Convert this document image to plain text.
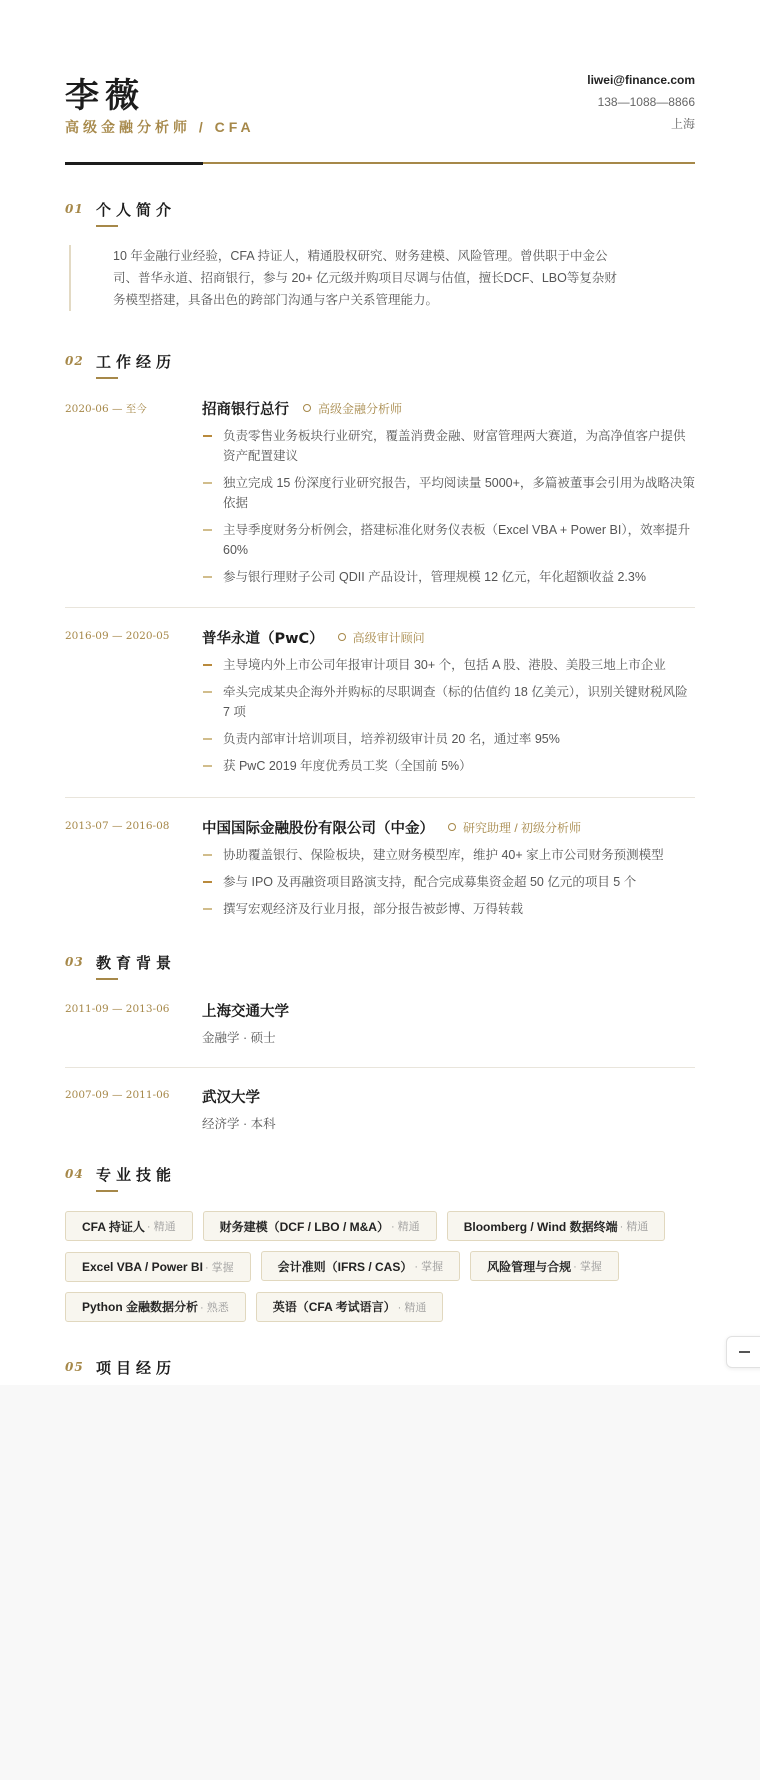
李薇
高级金融分析师 / CFA
liwei@finance.com
138—1088—8866
上海
01 个人简介
10 年金融行业经验，CFA 持证人，精通股权研究、财务建模、风险管理。曾供职于中金公司、普华永道、招商银行，参与 20+ 亿元级并购项目尽调与估值，擅长DCF、LBO等复杂财务模型搭建，具备出色的跨部门沟通与客户关系管理能力。
02 工作经历
2020-06 — 至今	招商银行总行 高级金融分析师
负责零售业务板块行业研究，覆盖消费金融、财富管理两大赛道，为高净值客户提供资产配置建议
独立完成 15 份深度行业研究报告，平均阅读量 5000+，多篇被董事会引用为战略决策依据
主导季度财务分析例会，搭建标准化财务仪表板（Excel VBA + Power BI），效率提升 60%
参与银行理财子公司 QDII 产品设计，管理规模 12 亿元，年化超额收益 2.3%
2016-09 — 2020-05 普华永道（PwC） 高级审计顾问
主导境内外上市公司年报审计项目 30+ 个，包括 A 股、港股、美股三地上市企业
牵头完成某央企海外并购标的尽职调查（标的估值约 18 亿美元），识别关键财税风险 7 项
负责内部审计培训项目，培养初级审计员 20 名，通过率 95%
获 PwC 2019 年度优秀员工奖（全国前 5%）
2013-07 — 2016-08 中国国际金融股份有限公司（中金） 研究助理 / 初级分析师
协助覆盖银行、保险板块，建立财务模型库，维护 40+ 家上市公司财务预测模型
参与 IPO 及再融资项目路演支持，配合完成募集资金超 50 亿元的项目 5 个
撰写宏观经济及行业月报，部分报告被彭博、万得转载
03 教育背景
2011-09 — 2013-06 上海交通大学
金融学 · 硕士
2007-09 — 2011-06 武汉大学
经济学 · 本科
04 专业技能
CFA 持证人 · 精通	财务建模（DCF / LBO / M&A） · 精通	Bloomberg / Wind 数据终端 · 精通
Excel VBA / Power BI · 掌握	会计准则（IFRS / CAS） · 掌握	风险管理与合规 · 掌握
Python 金融数据分析 · 熟悉	英语（CFA 考试语言） · 精通
05 项目经历
